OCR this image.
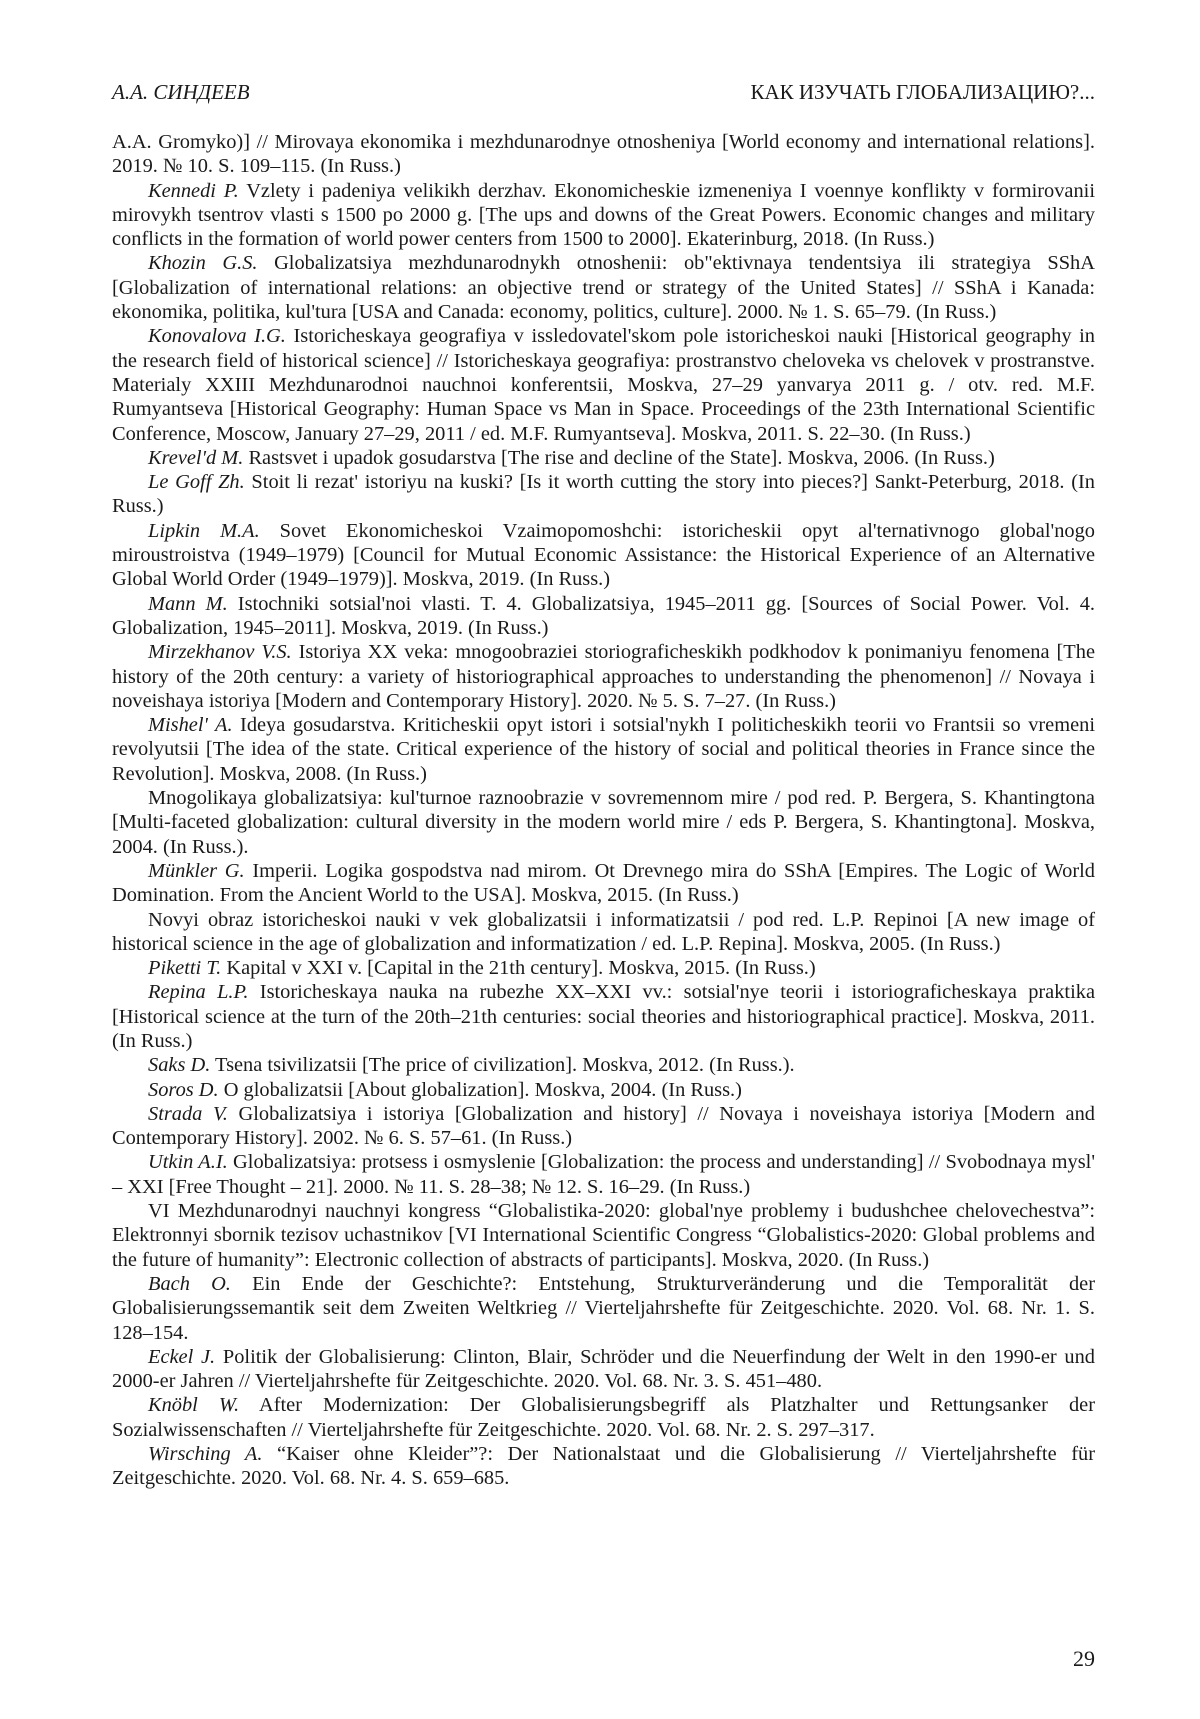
А.А. СИНДЕЕВ	КАК ИЗУЧАТЬ ГЛОБАЛИЗАЦИЮ?...

A.A. Gromyko)] // Mirovaya ekonomika i mezhdunarodnye otnosheniya [World economy and international relations]. 2019. № 10. S. 109–115. (In Russ.)

Kennedi P. Vzlety i padeniya velikikh derzhav. Ekonomicheskie izmeneniya I voennye konflikty v formirovanii mirovykh tsentrov vlasti s 1500 po 2000 g. [The ups and downs of the Great Powers. Economic changes and military conflicts in the formation of world power centers from 1500 to 2000]. Ekaterinburg, 2018. (In Russ.)

Khozin G.S. Globalizatsiya mezhdunarodnykh otnoshenii: ob"ektivnaya tendentsiya ili strategiya SShA [Globalization of international relations: an objective trend or strategy of the United States] // SShA i Kanada: ekonomika, politika, kul'tura [USA and Canada: economy, politics, culture]. 2000. № 1. S. 65–79. (In Russ.)

Konovalova I.G. Istoricheskaya geografiya v issledovatel'skom pole istoricheskoi nauki [Historical geography in the research field of historical science] // Istoricheskaya geografiya: prostranstvo cheloveka vs chelovek v prostranstve. Materialy XXIII Mezhdunarodnoi nauchnoi konferentsii, Moskva, 27–29 yanvarya 2011 g. / otv. red. M.F. Rumyantseva [Historical Geography: Human Space vs Man in Space. Proceedings of the 23th International Scientific Conference, Moscow, January 27–29, 2011 / ed. M.F. Rumyantseva]. Moskva, 2011. S. 22–30. (In Russ.)

Krevel'd M. Rastsvet i upadok gosudarstva [The rise and decline of the State]. Moskva, 2006. (In Russ.)

Le Goff Zh. Stoit li rezat' istoriyu na kuski? [Is it worth cutting the story into pieces?] Sankt-Peterburg, 2018. (In Russ.)

Lipkin M.A. Sovet Ekonomicheskoi Vzaimopomoshchi: istoricheskii opyt al'ternativnogo global'nogo miroustroistva (1949–1979) [Council for Mutual Economic Assistance: the Historical Experience of an Alternative Global World Order (1949–1979)]. Moskva, 2019. (In Russ.)

Mann M. Istochniki sotsial'noi vlasti. T. 4. Globalizatsiya, 1945–2011 gg. [Sources of Social Power. Vol. 4. Globalization, 1945–2011]. Moskva, 2019. (In Russ.)

Mirzekhanov V.S. Istoriya XX veka: mnogoobraziei storiograficheskikh podkhodov k ponimaniyu fenomena [The history of the 20th century: a variety of historiographical approaches to understanding the phenomenon] // Novaya i noveishaya istoriya [Modern and Contemporary History]. 2020. № 5. S. 7–27. (In Russ.)

Mishel' A. Ideya gosudarstva. Kriticheskii opyt istori i sotsial'nykh I politicheskikh teorii vo Frantsii so vremeni revolyutsii [The idea of the state. Critical experience of the history of social and political theories in France since the Revolution]. Moskva, 2008. (In Russ.)

Mnogolikaya globalizatsiya: kul'turnoe raznoobrazie v sovremennom mire / pod red. P. Bergera, S. Khantingtona [Multi-faceted globalization: cultural diversity in the modern world mire / eds P. Bergera, S. Khantingtona]. Moskva, 2004. (In Russ.).

Münkler G. Imperii. Logika gospodstva nad mirom. Ot Drevnego mira do SShA [Empires. The Logic of World Domination. From the Ancient World to the USA]. Moskva, 2015. (In Russ.)

Novyi obraz istoricheskoi nauki v vek globalizatsii i informatizatsii / pod red. L.P. Repinoi [A new image of historical science in the age of globalization and informatization / ed. L.P. Repina]. Moskva, 2005. (In Russ.)

Piketti T. Kapital v XXI v. [Capital in the 21th century]. Moskva, 2015. (In Russ.)

Repina L.P. Istoricheskaya nauka na rubezhe XX–XXI vv.: sotsial'nye teorii i istoriograficheskaya praktika [Historical science at the turn of the 20th–21th centuries: social theories and historiographical practice]. Moskva, 2011. (In Russ.)

Saks D. Tsena tsivilizatsii [The price of civilization]. Moskva, 2012. (In Russ.).

Soros D. O globalizatsii [About globalization]. Moskva, 2004. (In Russ.)

Strada V. Globalizatsiya i istoriya [Globalization and history] // Novaya i noveishaya istoriya [Modern and Contemporary History]. 2002. № 6. S. 57–61. (In Russ.)

Utkin A.I. Globalizatsiya: protsess i osmyslenie [Globalization: the process and understanding] // Svobodnaya mysl' – XXI [Free Thought – 21]. 2000. № 11. S. 28–38; № 12. S. 16–29. (In Russ.)

VI Mezhdunarodnyi nauchnyi kongress “Globalistika-2020: global'nye problemy i budushchee chelovechestva”: Elektronnyi sbornik tezisov uchastnikov [VI International Scientific Congress “Globalistics-2020: Global problems and the future of humanity”: Electronic collection of abstracts of participants]. Moskva, 2020. (In Russ.)

Bach O. Ein Ende der Geschichte?: Entstehung, Strukturveränderung und die Temporalität der Globalisierungssemantik seit dem Zweiten Weltkrieg // Vierteljahrshefte für Zeitgeschichte. 2020. Vol. 68. Nr. 1. S. 128–154.

Eckel J. Politik der Globalisierung: Clinton, Blair, Schröder und die Neuerfindung der Welt in den 1990-er und 2000-er Jahren // Vierteljahrshefte für Zeitgeschichte. 2020. Vol. 68. Nr. 3. S. 451–480.

Knöbl W. After Modernization: Der Globalisierungsbegriff als Platzhalter und Rettungsanker der Sozialwissenschaften // Vierteljahrshefte für Zeitgeschichte. 2020. Vol. 68. Nr. 2. S. 297–317.

Wirsching A. “Kaiser ohne Kleider”?: Der Nationalstaat und die Globalisierung // Vierteljahrshefte für Zeitgeschichte. 2020. Vol. 68. Nr. 4. S. 659–685.

29
